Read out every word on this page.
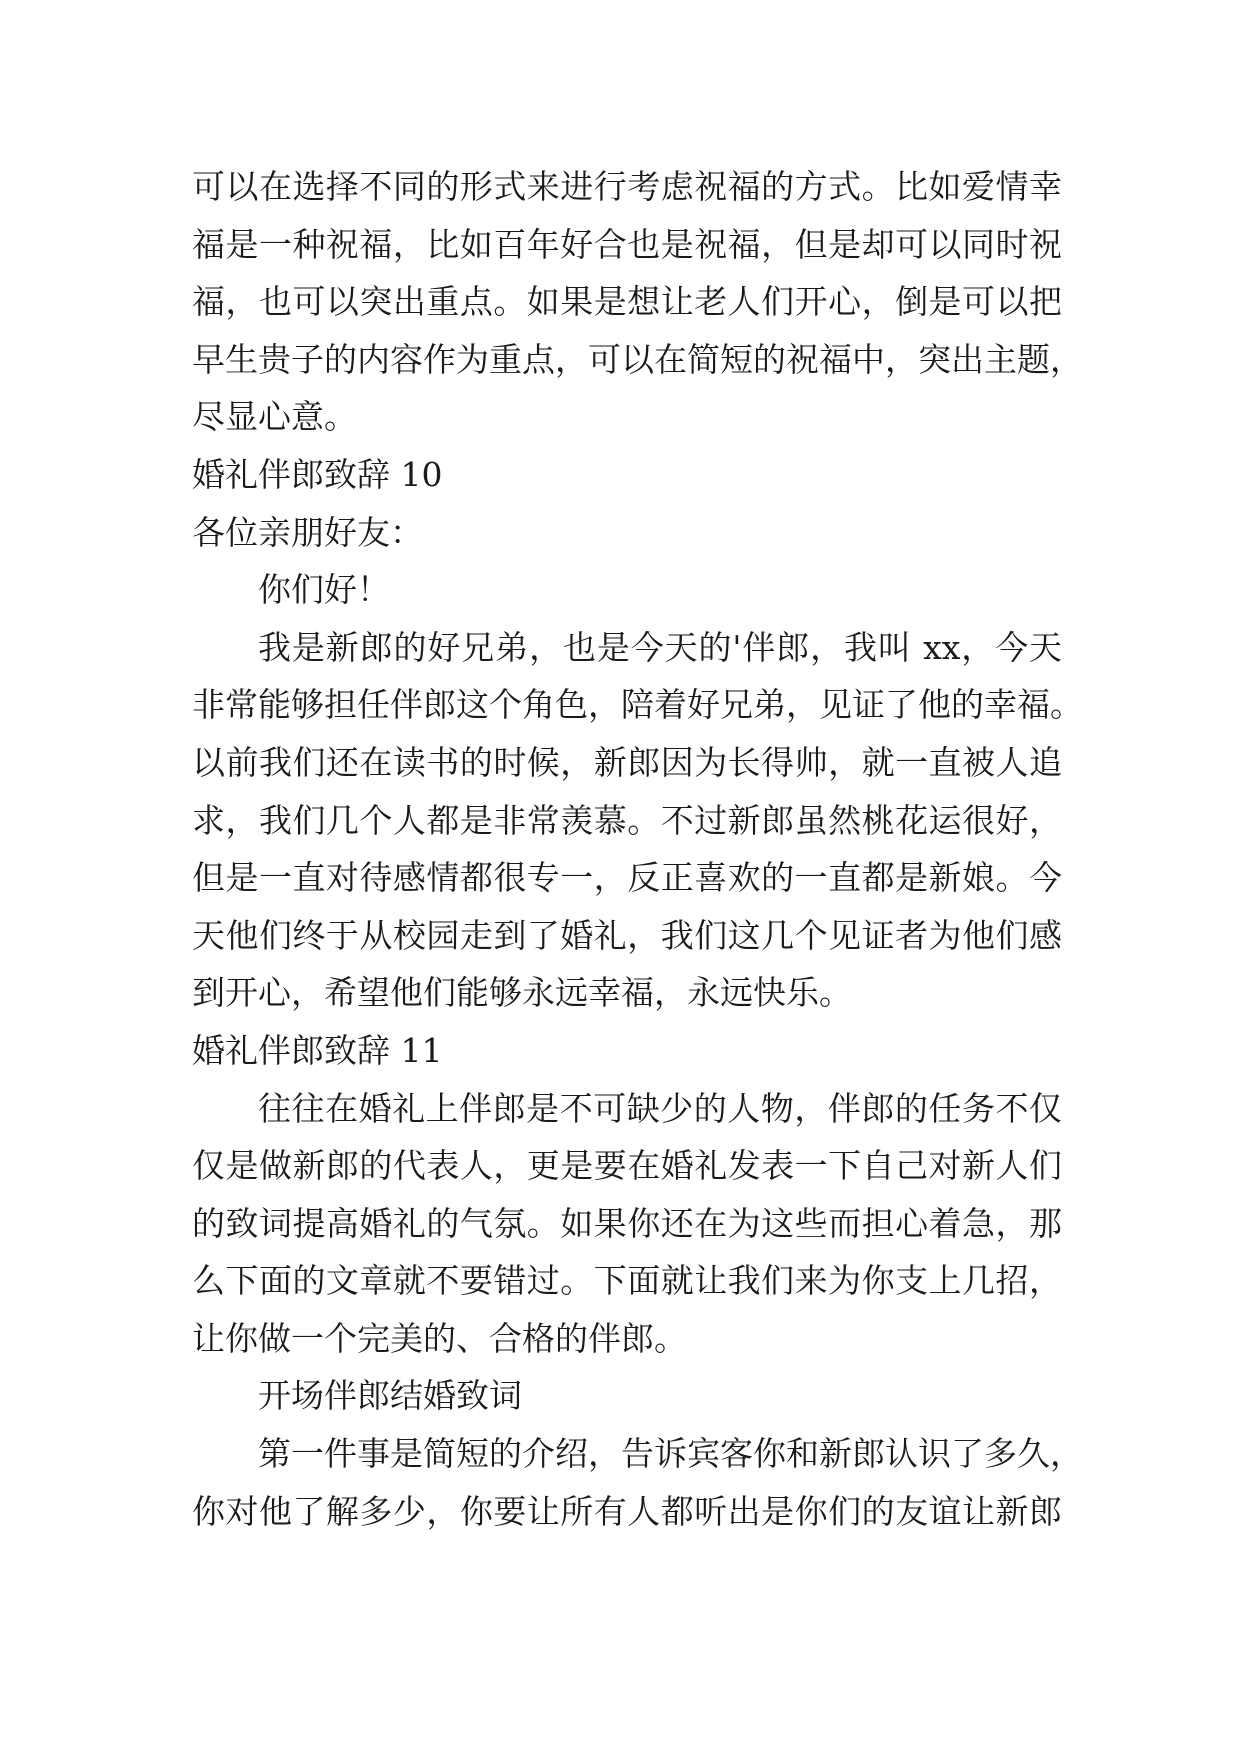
可以在选择不同的形式来进行考虑祝福的方式。比如爱情幸
福是一种祝福，比如百年好合也是祝福，但是却可以同时祝
福，也可以突出重点。如果是想让老人们开心，倒是可以把
早生贵子的内容作为重点，可以在简短的祝福中，突出主题，
尽显心意。
婚礼伴郎致辞 10
各位亲朋好友：
你们好！
我是新郎的好兄弟，也是今天的'伴郎，我叫 xx，今天
非常能够担任伴郎这个角色，陪着好兄弟，见证了他的幸福。
以前我们还在读书的时候，新郎因为长得帅，就一直被人追
求，我们几个人都是非常羡慕。不过新郎虽然桃花运很好，
但是一直对待感情都很专一，反正喜欢的一直都是新娘。今
天他们终于从校园走到了婚礼，我们这几个见证者为他们感
到开心，希望他们能够永远幸福，永远快乐。
婚礼伴郎致辞 11
往往在婚礼上伴郎是不可缺少的人物，伴郎的任务不仅
仅是做新郎的代表人，更是要在婚礼发表一下自己对新人们
的致词提高婚礼的气氛。如果你还在为这些而担心着急，那
么下面的文章就不要错过。下面就让我们来为你支上几招，
让你做一个完美的、合格的伴郎。
开场伴郎结婚致词
第一件事是简短的介绍，告诉宾客你和新郎认识了多久，
你对他了解多少，你要让所有人都听出是你们的友谊让新郎
